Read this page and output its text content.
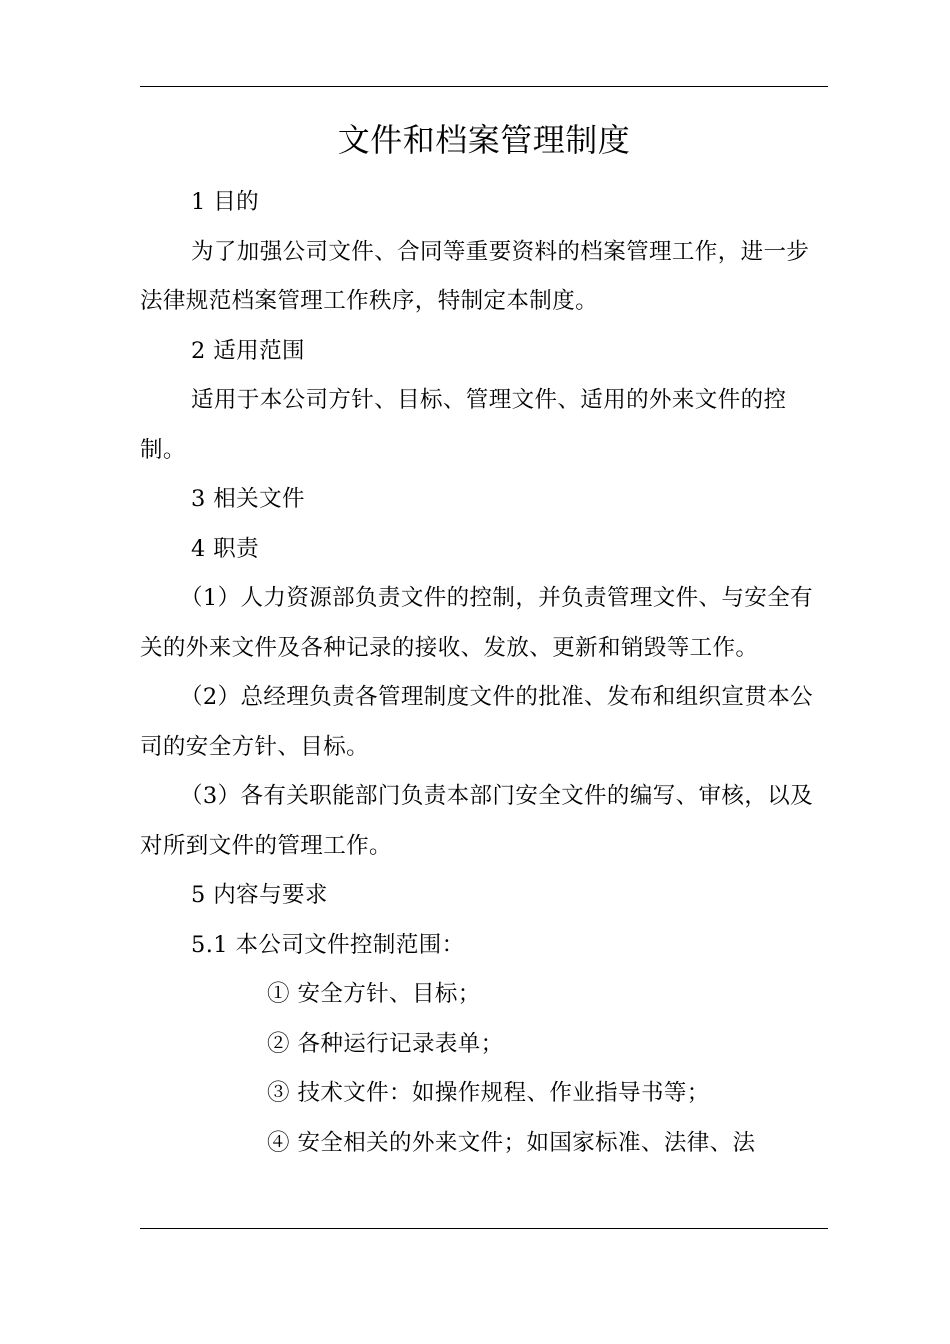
文件和档案管理制度

1 目的

为了加强公司文件、合同等重要资料的档案管理工作，进一步法律规范档案管理工作秩序，特制定本制度。

2 适用范围

适用于本公司方针、目标、管理文件、适用的外来文件的控制。

3 相关文件

4 职责

（1）人力资源部负责文件的控制，并负责管理文件、与安全有关的外来文件及各种记录的接收、发放、更新和销毁等工作。

（2）总经理负责各管理制度文件的批准、发布和组织宣贯本公司的安全方针、目标。

（3）各有关职能部门负责本部门安全文件的编写、审核，以及对所到文件的管理工作。

5 内容与要求

5.1 本公司文件控制范围：

① 安全方针、目标；

② 各种运行记录表单；

③ 技术文件：如操作规程、作业指导书等；

④ 安全相关的外来文件；如国家标准、法律、法
